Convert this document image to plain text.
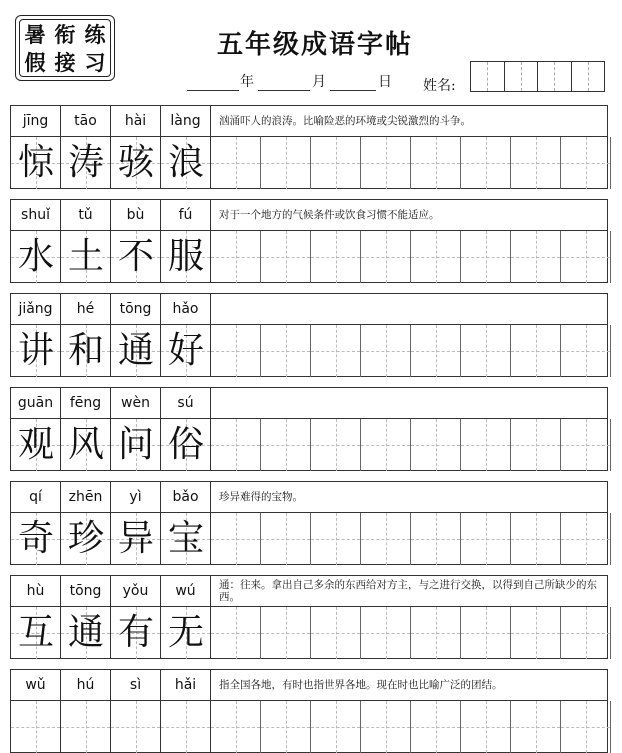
暑 衔 练
假 接 习
五年级成语字帖
年	月	日 姓名:
jīng	tāo	hài	làng	汹涌吓人的浪涛。比喻险恶的环境或尖锐激烈的斗争。
惊 涛 骇 浪
shuǐ	tǔ	bù	fú	对于一个地方的气候条件或饮食习惯不能适应。
水 土 不 服
jiǎng	hé	tōng	hǎo
讲 和 通 好
guān	fēng	wèn	sú
观 风 问 俗
qí	zhēn	yì	bǎo	珍异难得的宝物。
奇 珍 异 宝
hù	tōng	yǒu	wú	通：往来。拿出自己多余的东西给对方主，与之进行交换，以得到自己所缺少的东西。
互 通 有 无
wǔ	hú	sì	hǎi	指全国各地，有时也指世界各地。现在时也比喻广泛的团结。
